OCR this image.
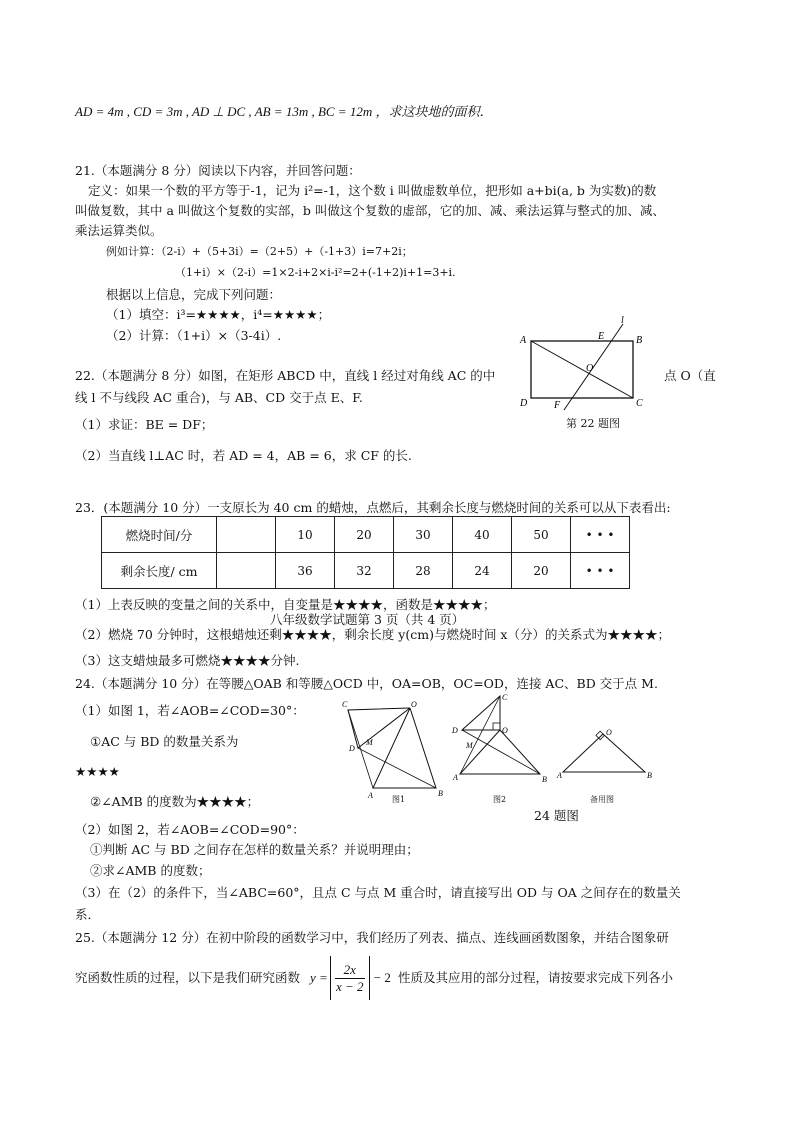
AD = 4m , CD = 3m , AD ⊥ DC , AB = 13m , BC = 12m ，求这块地的面积．
21.（本题满分 8 分）阅读以下内容，并回答问题：
定义：如果一个数的平方等于-1，记为 i²=-1，这个数 i 叫做虚数单位，把形如 a+bi(a, b 为实数)的数
叫做复数，其中 a 叫做这个复数的实部，b 叫做这个复数的虚部，它的加、减、乘法运算与整式的加、减、
乘法运算类似。
例如计算：（2-i）+（5+3i）=（2+5）+（-1+3）i=7+2i；
（1+i）×（2-i）=1×2-i+2×i-i²=2+(-1+2)i+1=3+i.
根据以上信息，完成下列问题：
（1）填空：i³=★★★★，i⁴=★★★★；
（2）计算：（1+i）×（3-4i）.
22.（本题满分 8 分）如图，在矩形 ABCD 中，直线 l 经过对角线 AC 的中	点 O（直
线 l 不与线段 AC 重合)，与 AB、CD 交于点 E、F.
（1）求证：BE = DF；
（2）当直线 l⊥AC 时，若 AD = 4，AB = 6，求 CF 的长.
A	B
C
D
E
F
O
l
第 22 题图
23．(本题满分 10 分）一支原长为 40 cm 的蜡烛，点燃后，其剩余长度与燃烧时间的关系可以从下表看出:
燃烧时间/分		10	20	30	40	50	• • •
剩余长度/ cm		36	32	28	24	20	• • •
（1）上表反映的变量之间的关系中，自变量是★★★★，函数是★★★★；
八年级数学试题第 3 页（共 4 页）
（2）燃烧 70 分钟时，这根蜡烛还剩★★★★，剩余长度 y(cm)与燃烧时间 x（分）的关系式为★★★★；
（3）这支蜡烛最多可燃烧★★★★分钟.
24.（本题满分 10 分）在等腰△OAB 和等腰△OCD 中，OA=OB，OC=OD，连接 AC、BD 交于点 M.
（1）如图 1，若∠AOB=∠COD=30°：
①AC 与 BD 的数量关系为
★★★★
②∠AMB 的度数为★★★★；
（2）如图 2，若∠AOB=∠COD=90°：
①判断 AC 与 BD 之间存在怎样的数量关系？并说明理由；
②求∠AMB 的度数；
（3）在（2）的条件下，当∠ABC=60°，且点 C 与点 M 重合时，请直接写出 OD 与 OA 之间存在的数量关
系．
C	O
D
M
A	B
图1
C
D	O
M
A	B
图2
O
A	B
备用图
24 题图
25.（本题满分 12 分）在初中阶段的函数学习中，我们经历了列表、描点、连线画函数图象，并结合图象研
究函数性质的过程，以下是我们研究函数 y =
2x
x − 2
− 2 性质及其应用的部分过程，请按要求完成下列各小
